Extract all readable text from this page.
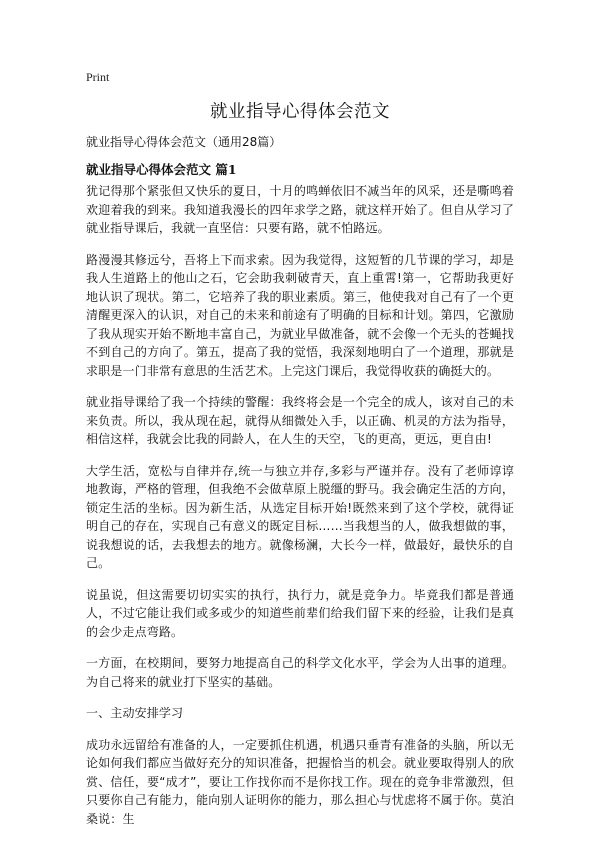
Print
就业指导心得体会范文
就业指导心得体会范文（通用28篇）
就业指导心得体会范文 篇1

犹记得那个紧张但又快乐的夏日，十月的鸣蝉依旧不减当年的风采，还是嘶鸣着欢迎着我的到来。我知道我漫长的四年求学之路，就这样开始了。但自从学习了就业指导课后，我就一直坚信：只要有路，就不怕路远。

路漫漫其修远兮，吾将上下而求索。因为我觉得，这短暂的几节课的学习，却是我人生道路上的他山之石，它会助我刺破青天，直上重霄!第一，它帮助我更好地认识了现状。第二，它培养了我的职业素质。第三，他使我对自己有了一个更清醒更深入的认识，对自己的未来和前途有了明确的目标和计划。第四，它激励了我从现实开始不断地丰富自己，为就业早做准备，就不会像一个无头的苍蝇找不到自己的方向了。第五，提高了我的觉悟，我深刻地明白了一个道理，那就是求职是一门非常有意思的生活艺术。上完这门课后，我觉得收获的确挺大的。

就业指导课给了我一个持续的警醒：我终将会是一个完全的成人，该对自己的未来负责。所以，我从现在起，就得从细微处入手，以正确、机灵的方法为指导，相信这样，我就会比我的同龄人，在人生的天空，飞的更高，更远，更自由!

大学生活，宽松与自律并存,统一与独立并存,多彩与严谨并存。没有了老师谆谆地教诲，严格的管理，但我绝不会做草原上脱缰的野马。我会确定生活的方向，锁定生活的坐标。因为新生活，从选定目标开始!既然来到了这个学校，就得证明自己的存在，实现自己有意义的既定目标……当我想当的人，做我想做的事，说我想说的话，去我想去的地方。就像杨澜，大长今一样，做最好，最快乐的自己。

说虽说，但这需要切切实实的执行，执行力，就是竞争力。毕竟我们都是普通人，不过它能让我们或多或少的知道些前辈们给我们留下来的经验，让我们是真的会少走点弯路。

一方面，在校期间，要努力地提高自己的科学文化水平，学会为人出事的道理。为自己将来的就业打下坚实的基础。

一、主动安排学习

成功永远留给有准备的人，一定要抓住机遇，机遇只垂青有准备的头脑，所以无论如何我们都应当做好充分的知识准备，把握恰当的机会。就业要取得别人的欣赏、信任，要“成才”，要让工作找你而不是你找工作。现在的竞争非常激烈，但只要你自己有能力，能向别人证明你的能力，那么担心与忧虑将不属于你。莫泊桑说：生
